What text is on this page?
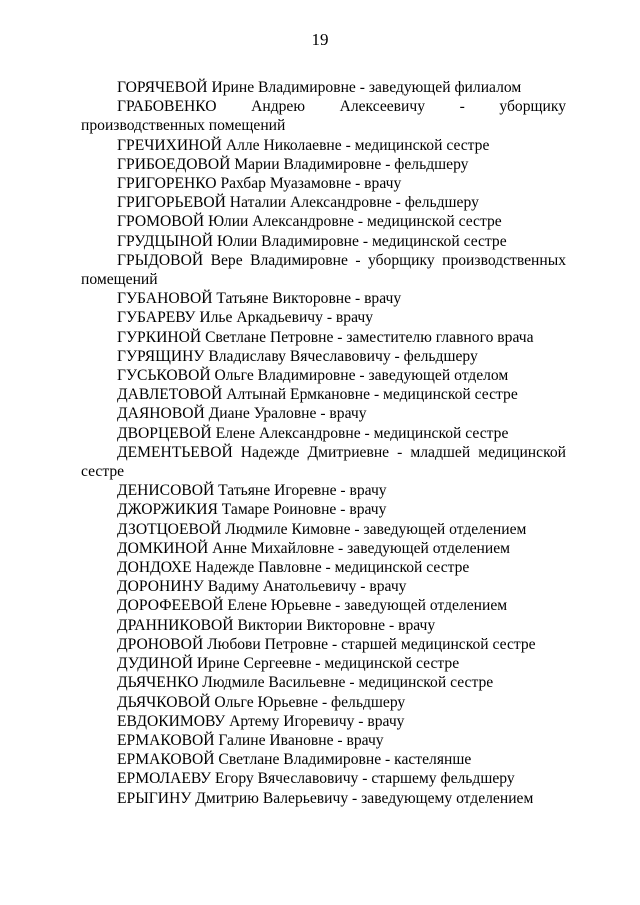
19
ГОРЯЧЕВОЙ Ирине Владимировне - заведующей филиалом
ГРАБОВЕНКО Андрею Алексеевичу - уборщику производственных помещений
ГРЕЧИХИНОЙ Алле Николаевне - медицинской сестре
ГРИБОЕДОВОЙ Марии Владимировне - фельдшеру
ГРИГОРЕНКО Рахбар Муазамовне - врачу
ГРИГОРЬЕВОЙ Наталии Александровне - фельдшеру
ГРОМОВОЙ Юлии Александровне - медицинской сестре
ГРУДЦЫНОЙ Юлии Владимировне - медицинской сестре
ГРЫДОВОЙ Вере Владимировне - уборщику производственных помещений
ГУБАНОВОЙ Татьяне Викторовне - врачу
ГУБАРЕВУ Илье Аркадьевичу - врачу
ГУРКИНОЙ Светлане Петровне - заместителю главного врача
ГУРЯЩИНУ Владиславу Вячеславовичу - фельдшеру
ГУСЬКОВОЙ Ольге Владимировне - заведующей отделом
ДАВЛЕТОВОЙ Алтынай Ермкановне - медицинской сестре
ДАЯНОВОЙ Диане Ураловне - врачу
ДВОРЦЕВОЙ Елене Александровне - медицинской сестре
ДЕМЕНТЬЕВОЙ Надежде Дмитриевне - младшей медицинской сестре
ДЕНИСОВОЙ Татьяне Игоревне - врачу
ДЖОРЖИКИЯ Тамаре Роиновне - врачу
ДЗОТЦОЕВОЙ Людмиле Кимовне - заведующей отделением
ДОМКИНОЙ Анне Михайловне - заведующей отделением
ДОНДОХЕ Надежде Павловне - медицинской сестре
ДОРОНИНУ Вадиму Анатольевичу - врачу
ДОРОФЕЕВОЙ Елене Юрьевне - заведующей отделением
ДРАННИКОВОЙ Виктории Викторовне - врачу
ДРОНОВОЙ Любови Петровне - старшей медицинской сестре
ДУДИНОЙ Ирине Сергеевне - медицинской сестре
ДЬЯЧЕНКО Людмиле Васильевне - медицинской сестре
ДЬЯЧКОВОЙ Ольге Юрьевне - фельдшеру
ЕВДОКИМОВУ Артему Игоревичу - врачу
ЕРМАКОВОЙ Галине Ивановне - врачу
ЕРМАКОВОЙ Светлане Владимировне - кастелянше
ЕРМОЛАЕВУ Егору Вячеславовичу - старшему фельдшеру
ЕРЫГИНУ Дмитрию Валерьевичу - заведующему отделением
